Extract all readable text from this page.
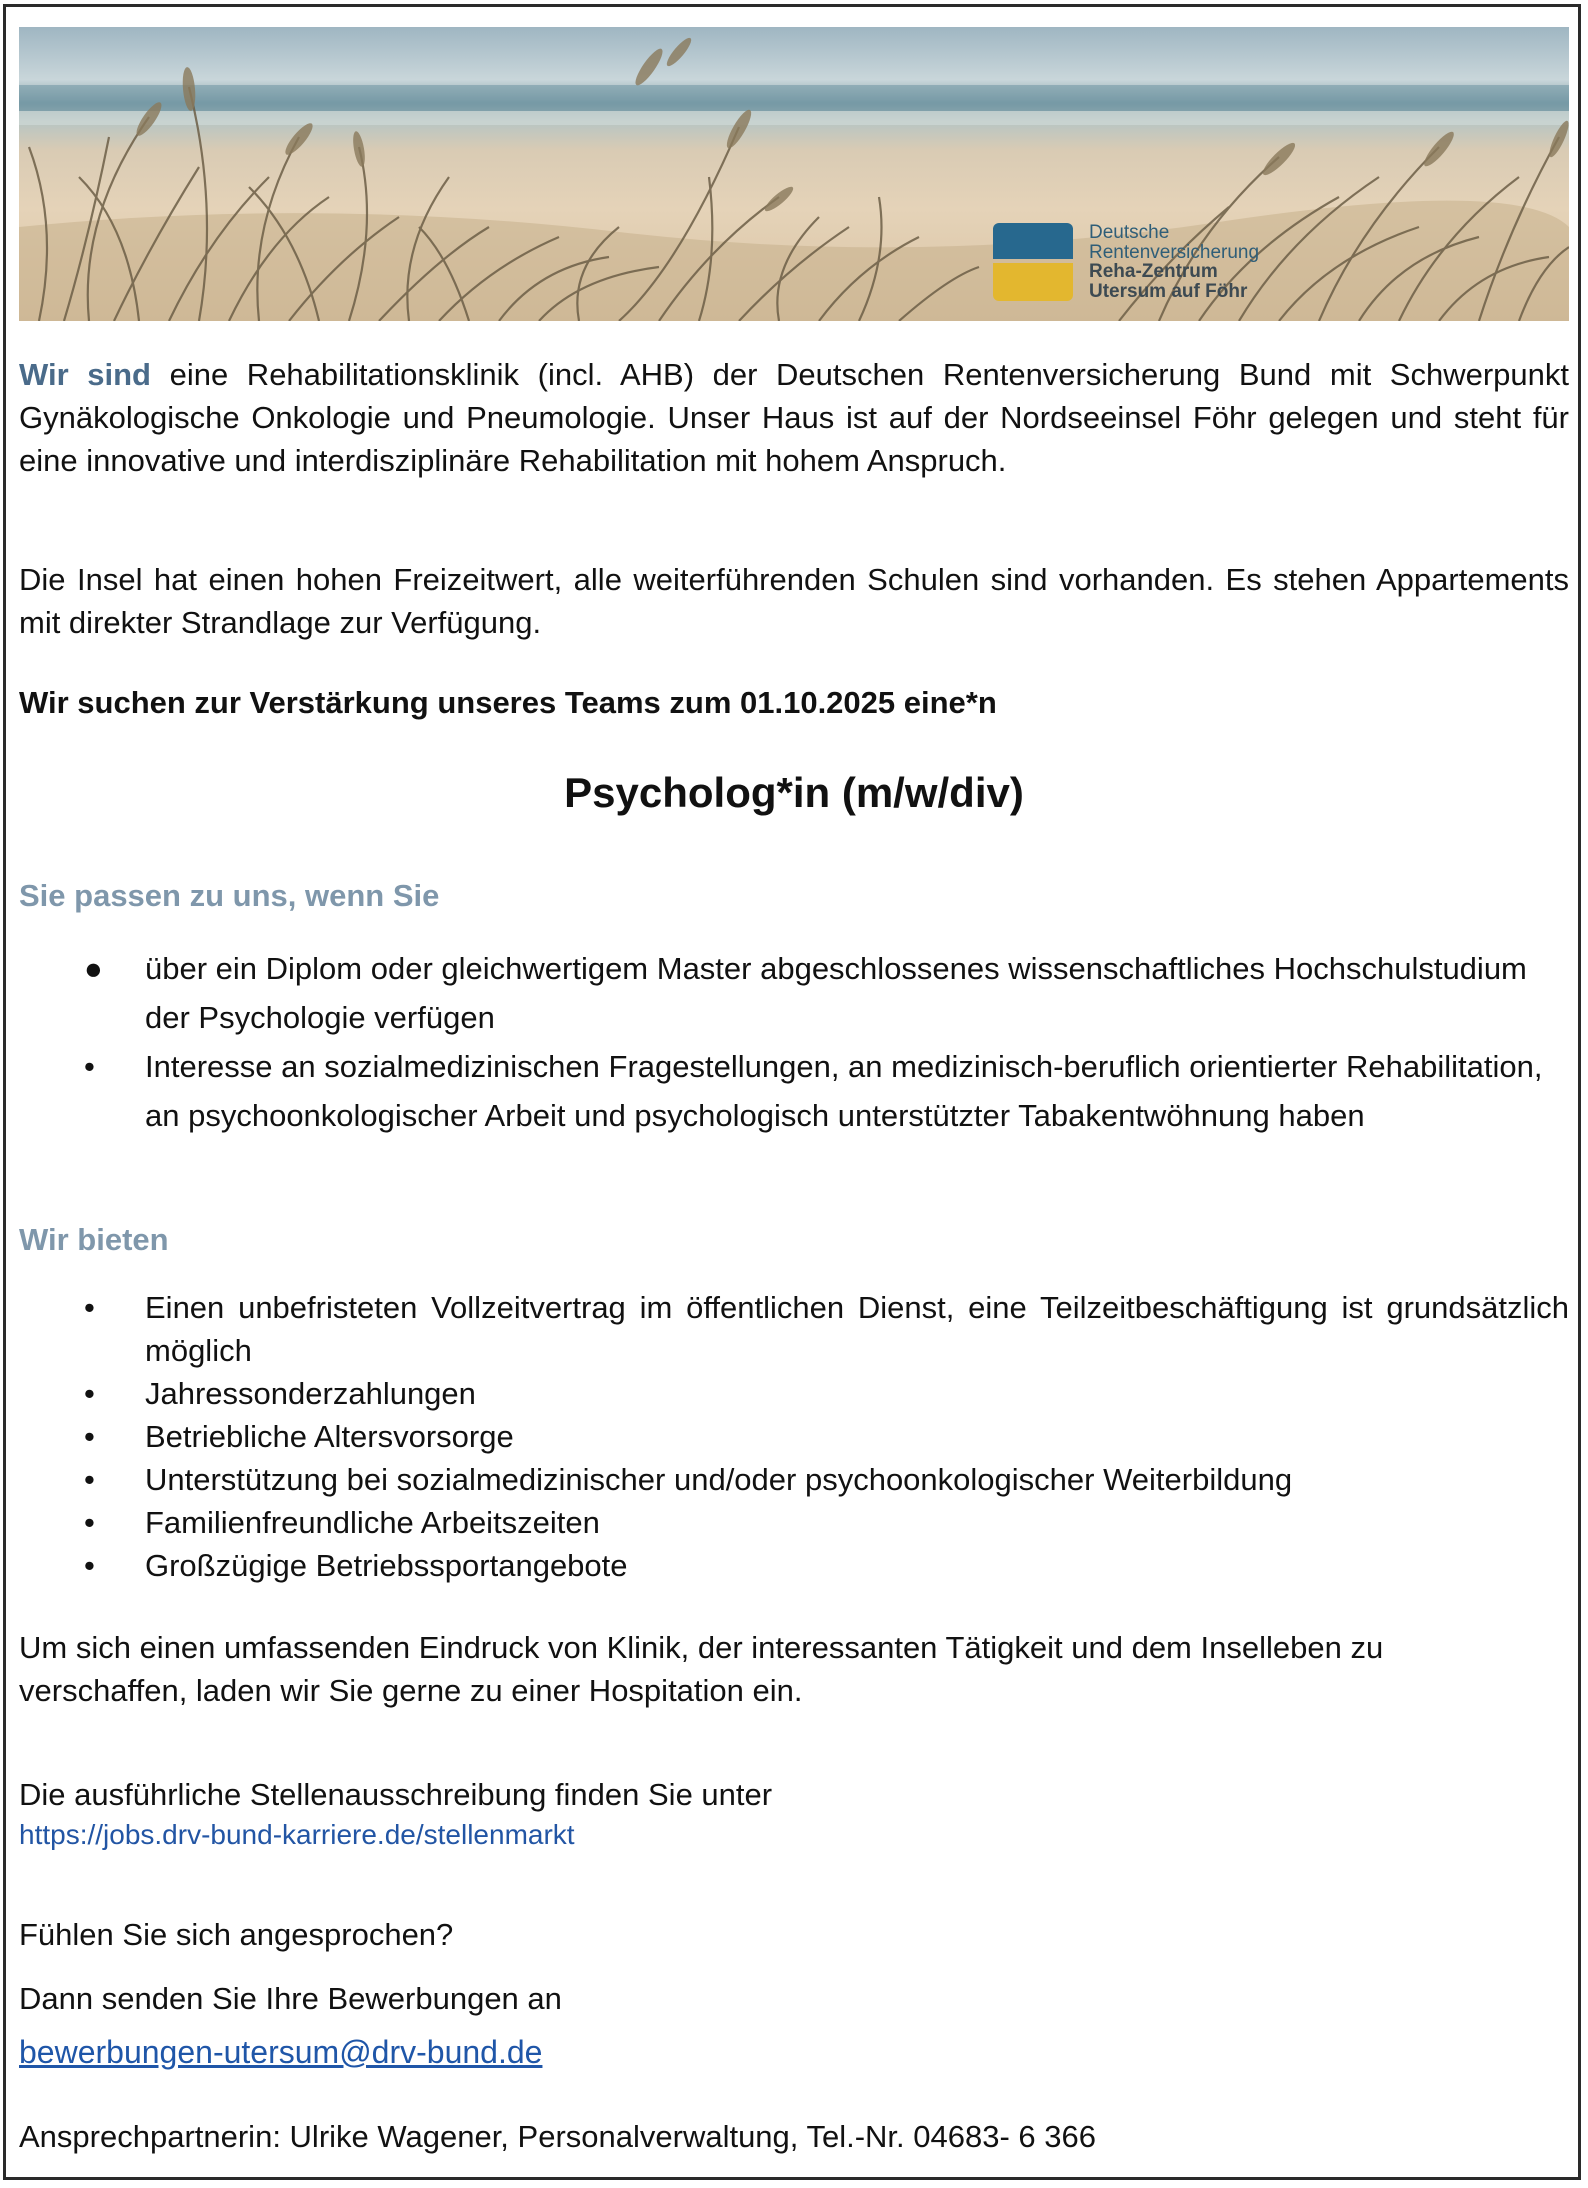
Deutsche
Rentenversicherung
Reha-Zentrum
Utersum auf Föhr

Wir sind eine Rehabilitationsklinik (incl. AHB) der Deutschen Rentenversicherung Bund mit Schwerpunkt Gynäkologische Onkologie und Pneumologie. Unser Haus ist auf der Nordseeinsel Föhr gelegen und steht für eine innovative und interdisziplinäre Rehabilitation mit hohem Anspruch.

Die Insel hat einen hohen Freizeitwert, alle weiterführenden Schulen sind vorhanden. Es stehen Appartements mit direkter Strandlage zur Verfügung.

Wir suchen zur Verstärkung unseres Teams zum 01.10.2025 eine*n

Psycholog*in (m/w/div)
Sie passen zu uns, wenn Sie
● über ein Diplom oder gleichwertigem Master abgeschlossenes wissenschaftliches Hochschulstudium der Psychologie verfügen
• Interesse an sozialmedizinischen Fragestellungen, an medizinisch-beruflich orientierter Rehabilitation, an psychoonkologischer Arbeit und psychologisch unterstützter Tabakentwöhnung haben
Wir bieten
• Einen unbefristeten Vollzeitvertrag im öffentlichen Dienst, eine Teilzeitbeschäftigung ist grundsätzlich möglich
• Jahressonderzahlungen
• Betriebliche Altersvorsorge
• Unterstützung bei sozialmedizinischer und/oder psychoonkologischer Weiterbildung
• Familienfreundliche Arbeitszeiten
• Großzügige Betriebssportangebote

Um sich einen umfassenden Eindruck von Klinik, der interessanten Tätigkeit und dem Inselleben zu verschaffen, laden wir Sie gerne zu einer Hospitation ein.

Die ausführliche Stellenausschreibung finden Sie unter

https://jobs.drv-bund-karriere.de/stellenmarkt

Fühlen Sie sich angesprochen?

Dann senden Sie Ihre Bewerbungen an

bewerbungen-utersum@drv-bund.de

Ansprechpartnerin: Ulrike Wagener, Personalverwaltung, Tel.-Nr. 04683- 6 366
